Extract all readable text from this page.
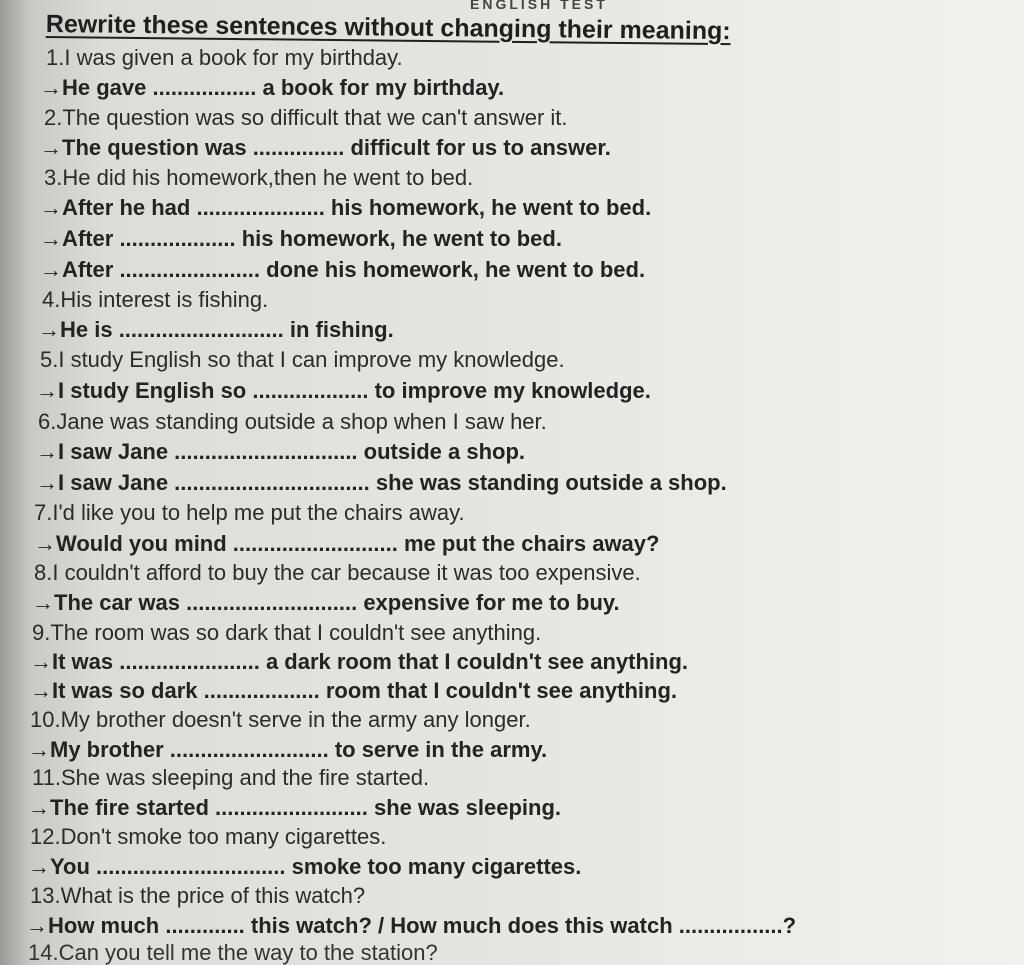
ENGLISH TEST
Rewrite these sentences without changing their meaning:
1.I was given a book for my birthday.
→He gave ................. a book for my birthday.
2.The question was so difficult that we can't answer it.
→The question was ............... difficult for us to answer.
3.He did his homework,then he went to bed.
→After he had ..................... his homework, he went to bed.
→After ................... his homework, he went to bed.
→After ....................... done his homework, he went to bed.
4.His interest is fishing.
→He is ........................... in fishing.
5.I study English so that I can improve my knowledge.
→I study English so ................... to improve my knowledge.
6.Jane was standing outside a shop when I saw her.
→I saw Jane .............................. outside a shop.
→I saw Jane ................................ she was standing outside a shop.
7.I'd like you to help me put the chairs away.
→Would you mind ........................... me put the chairs away?
8.I couldn't afford to buy the car because it was too expensive.
→The car was ............................ expensive for me to buy.
9.The room was so dark that I couldn't see anything.
→It was ....................... a dark room that I couldn't see anything.
→It was so dark ................... room that I couldn't see anything.
10.My brother doesn't serve in the army any longer.
→My brother .......................... to serve in the army.
11.She was sleeping and the fire started.
→The fire started ......................... she was sleeping.
12.Don't smoke too many cigarettes.
→You ............................... smoke too many cigarettes.
13.What is the price of this watch?
→How much ............. this watch? / How much does this watch .................?
14.Can you tell me the way to the station?
